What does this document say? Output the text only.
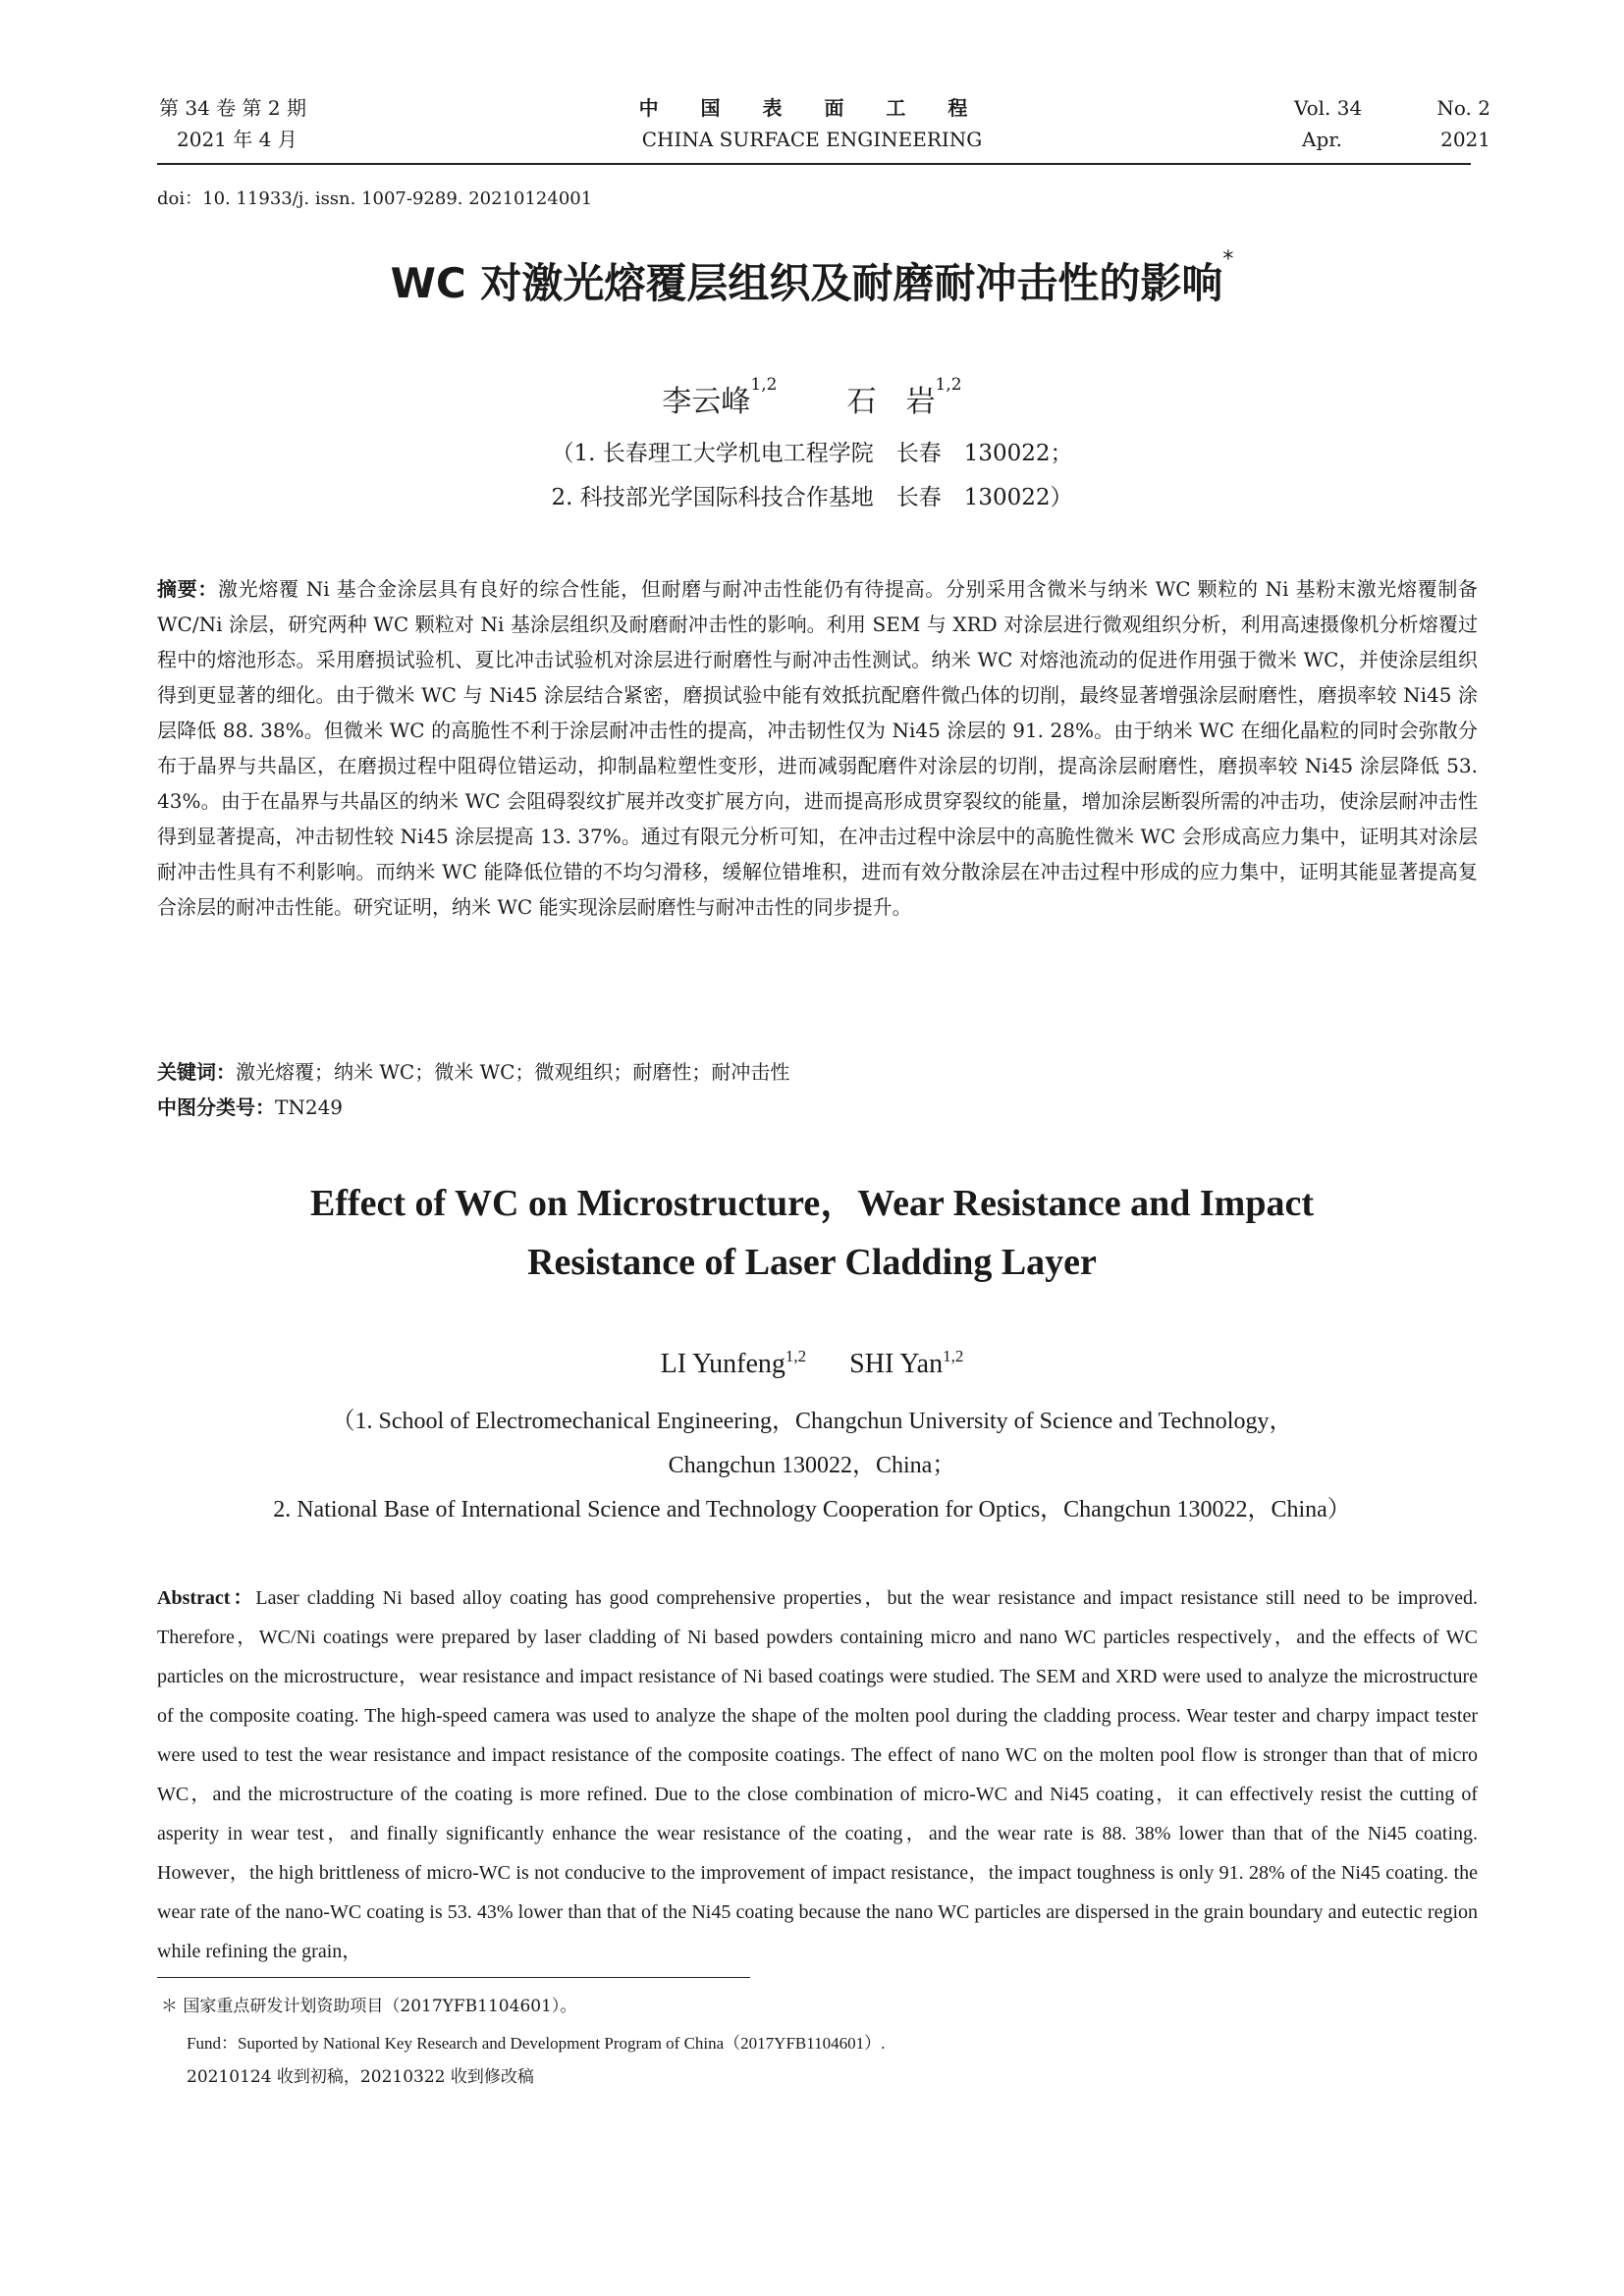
第 34 卷 第 2 期
2021 年 4 月
中 国 表 面 工 程
CHINA SURFACE ENGINEERING
Vol. 34	No. 2
Apr.	2021
doi：10. 11933/j. issn. 1007-9289. 20210124001
WC 对激光熔覆层组织及耐磨耐冲击性的影响*
李云峰$^{1,2}$ 石　岩$^{1,2}$
（1. 长春理工大学机电工程学院　长春　130022；
2. 科技部光学国际科技合作基地　长春　130022）
摘要：激光熔覆 Ni 基合金涂层具有良好的综合性能，但耐磨与耐冲击性能仍有待提高。分别采用含微米与纳米 WC 颗粒的 Ni 基粉末激光熔覆制备 WC/Ni 涂层，研究两种 WC 颗粒对 Ni 基涂层组织及耐磨耐冲击性的影响。利用 SEM 与 XRD 对涂层进行微观组织分析，利用高速摄像机分析熔覆过程中的熔池形态。采用磨损试验机、夏比冲击试验机对涂层进行耐磨性与耐冲击性测试。纳米 WC 对熔池流动的促进作用强于微米 WC，并使涂层组织得到更显著的细化。由于微米 WC 与 Ni45 涂层结合紧密，磨损试验中能有效抵抗配磨件微凸体的切削，最终显著增强涂层耐磨性，磨损率较 Ni45 涂层降低 88. 38%。但微米 WC 的高脆性不利于涂层耐冲击性的提高，冲击韧性仅为 Ni45 涂层的 91. 28%。由于纳米 WC 在细化晶粒的同时会弥散分布于晶界与共晶区，在磨损过程中阻碍位错运动，抑制晶粒塑性变形，进而减弱配磨件对涂层的切削，提高涂层耐磨性，磨损率较 Ni45 涂层降低 53. 43%。由于在晶界与共晶区的纳米 WC 会阻碍裂纹扩展并改变扩展方向，进而提高形成贯穿裂纹的能量，增加涂层断裂所需的冲击功，使涂层耐冲击性得到显著提高，冲击韧性较 Ni45 涂层提高 13. 37%。通过有限元分析可知，在冲击过程中涂层中的高脆性微米 WC 会形成高应力集中，证明其对涂层耐冲击性具有不利影响。而纳米 WC 能降低位错的不均匀滑移，缓解位错堆积，进而有效分散涂层在冲击过程中形成的应力集中，证明其能显著提高复合涂层的耐冲击性能。研究证明，纳米 WC 能实现涂层耐磨性与耐冲击性的同步提升。
关键词：激光熔覆；纳米 WC；微米 WC；微观组织；耐磨性；耐冲击性
中图分类号：TN249
Effect of WC on Microstructure，Wear Resistance and Impact
Resistance of Laser Cladding Layer
LI Yunfeng$^{1,2}$ SHI Yan$^{1,2}$
（1. School of Electromechanical Engineering，Changchun University of Science and Technology，
Changchun 130022，China；
2. National Base of International Science and Technology Cooperation for Optics，Changchun 130022，China）
Abstract：Laser cladding Ni based alloy coating has good comprehensive properties，but the wear resistance and impact resistance still need to be improved. Therefore，WC/Ni coatings were prepared by laser cladding of Ni based powders containing micro and nano WC particles respectively，and the effects of WC particles on the microstructure，wear resistance and impact resistance of Ni based coatings were studied. The SEM and XRD were used to analyze the microstructure of the composite coating. The high-speed camera was used to analyze the shape of the molten pool during the cladding process. Wear tester and charpy impact tester were used to test the wear resistance and impact resistance of the composite coatings. The effect of nano WC on the molten pool flow is stronger than that of micro WC，and the microstructure of the coating is more refined. Due to the close combination of micro-WC and Ni45 coating，it can effectively resist the cutting of asperity in wear test，and finally significantly enhance the wear resistance of the coating，and the wear rate is 88. 38% lower than that of the Ni45 coating. However，the high brittleness of micro-WC is not conducive to the improvement of impact resistance，the impact toughness is only 91. 28% of the Ni45 coating. the wear rate of the nano-WC coating is 53. 43% lower than that of the Ni45 coating because the nano WC particles are dispersed in the grain boundary and eutectic region while refining the grain，
＊ 国家重点研发计划资助项目（2017YFB1104601）。
Fund：Suported by National Key Research and Development Program of China（2017YFB1104601）.
20210124 收到初稿，20210322 收到修改稿
